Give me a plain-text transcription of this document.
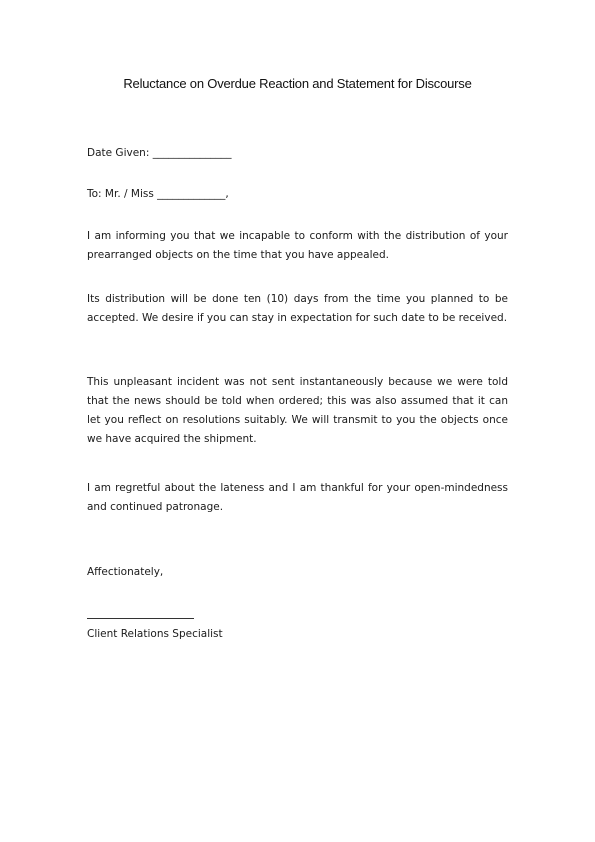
Reluctance on Overdue Reaction and Statement for Discourse
Date Given: _______________
To: Mr. / Miss _____________,
I am informing you that we incapable to conform with the distribution of your prearranged objects on the time that you have appealed.
Its distribution will be done ten (10) days from the time you planned to be accepted. We desire if you can stay in expectation for such date to be received.
This unpleasant incident was not sent instantaneously because we were told that the news should be told when ordered; this was also assumed that it can let you reflect on resolutions suitably. We will transmit to you the objects once we have acquired the shipment.
I am regretful about the lateness and I am thankful for your open-mindedness and continued patronage.
Affectionately,
Client Relations Specialist
